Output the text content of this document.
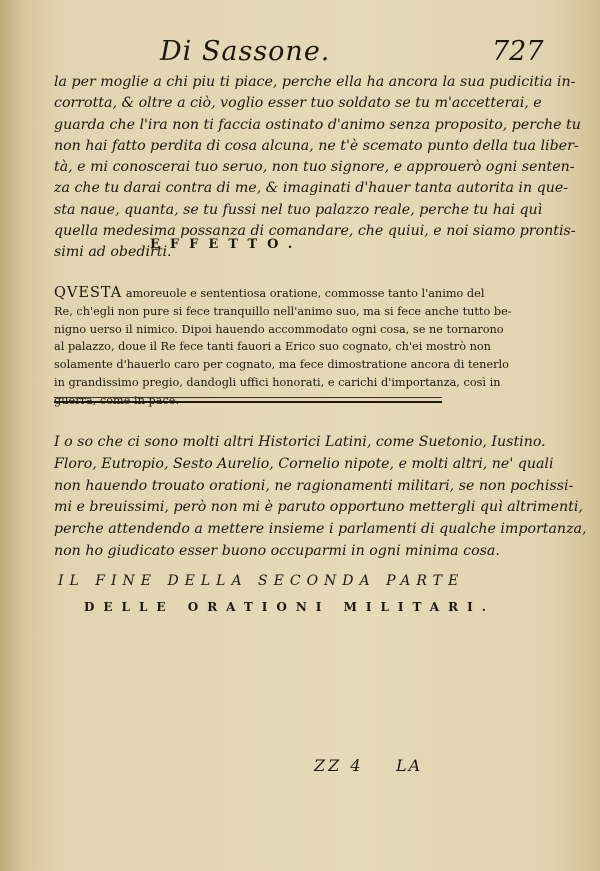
Di Sassone.	727
la per moglie a chi piu ti piace, perche ella ha ancora la sua pudicitia in-
corrotta, & oltre a ciò, voglio esser tuo soldato se tu m'accetterai, e
guarda che l'ira non ti faccia ostinato d'animo senza proposito, perche tu
non hai fatto perdita di cosa alcuna, ne t'è scemato punto della tua liber-
tà, e mi conoscerai tuo seruo, non tuo signore, e approuerò ogni senten-
za che tu darai contra di me, & imaginati d'hauer tanta autorita in que-
sta naue, quanta, se tu fussi nel tuo palazzo reale, perche tu hai quì
quella medesima possanza di comandare, che quiui, e noi siamo prontis-
simi ad obedirti.
EFFETTO.
QVESTA amoreuole e sententiosa oratione, commosse tanto l'animo del
Re, ch'egli non pure si fece tranquillo nell'animo suo, ma si fece anche tutto be-
nigno uerso il nimico. Dipoi hauendo accommodato ogni cosa, se ne tornarono
al palazzo, doue il Re fece tanti fauori a Erico suo cognato, ch'ei mostrò non
solamente d'hauerlo caro per cognato, ma fece dimostratione ancora di tenerlo
in grandissimo pregio, dandogli uffici honorati, e carichi d'importanza, così in
I o so che ci sono molti altri Historici Latini, come Suetonio, Iustino.
Floro, Eutropio, Sesto Aurelio, Cornelio nipote, e molti altri, ne' quali
non hauendo trouato orationi, ne ragionamenti militari, se non pochissi-
mi e breuissimi, però non mi è paruto opportuno mettergli quì altrimenti,
perche attendendo a mettere insieme i parlamenti di qualche importanza,
non ho giudicato esser buono occuparmi in ogni minima cosa.
IL FINE DELLA SECONDA PARTE
DELLE ORATIONI MILITARI.
ZZ 4 LA
